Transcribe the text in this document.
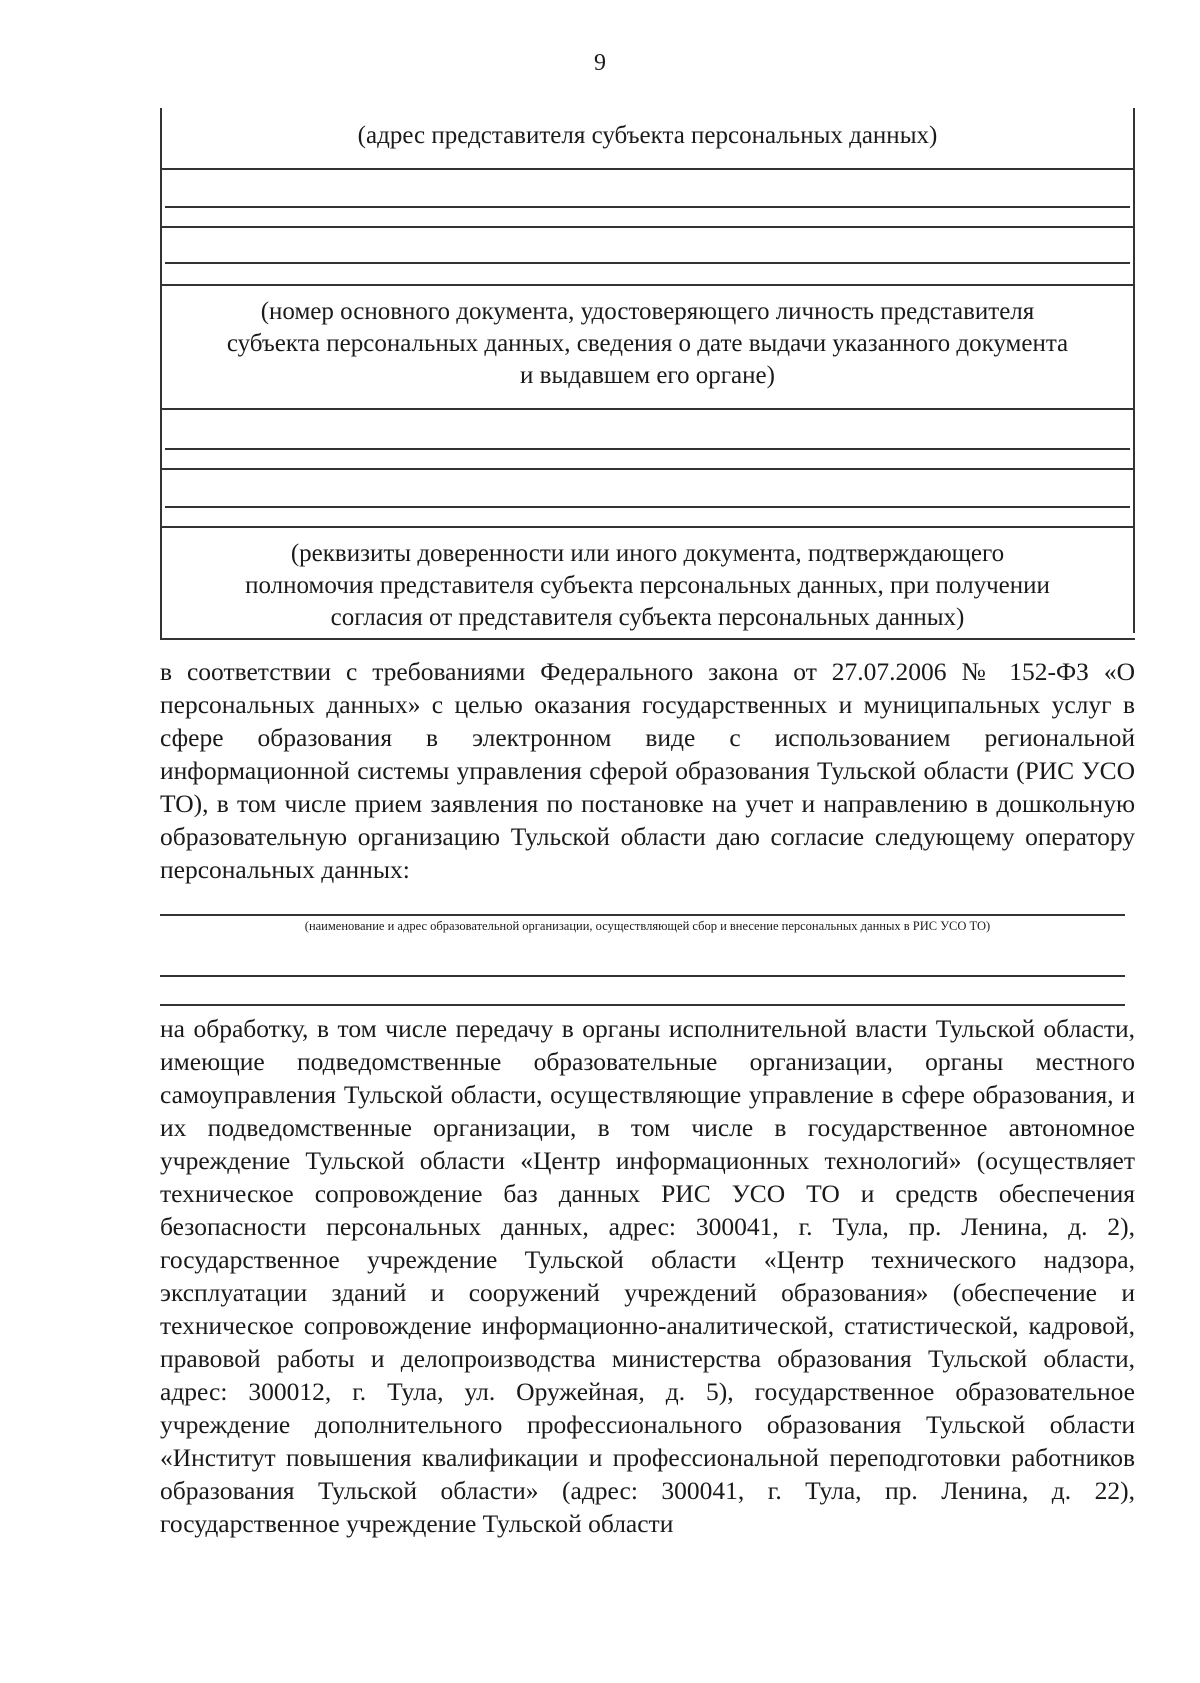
9
(адрес представителя субъекта персональных данных)
(номер основного документа, удостоверяющего личность представителя
субъекта персональных данных, сведения о дате выдачи указанного документа
и выдавшем его органе)
(реквизиты доверенности или иного документа, подтверждающего
полномочия представителя субъекта персональных данных, при получении
согласия от представителя субъекта персональных данных)

в соответствии с требованиями Федерального закона от 27.07.2006 № 152-ФЗ «О персональных данных» с целью оказания государственных и муниципальных услуг в сфере образования в электронном виде с использованием региональной информационной системы управления сферой образования Тульской области (РИС УСО ТО), в том числе прием заявления по постановке на учет и направлению в дошкольную образовательную организацию Тульской области даю согласие следующему оператору персональных данных:

(наименование и адрес образовательной организации, осуществляющей сбор и внесение персональных данных в РИС УСО ТО)

на обработку, в том числе передачу в органы исполнительной власти Тульской области, имеющие подведомственные образовательные организации, органы местного самоуправления Тульской области, осуществляющие управление в сфере образования, и их подведомственные организации, в том числе в государственное автономное учреждение Тульской области «Центр информационных технологий» (осуществляет техническое сопровождение баз данных РИС УСО ТО и средств обеспечения безопасности персональных данных, адрес: 300041, г. Тула, пр. Ленина, д. 2), государственное учреждение Тульской области «Центр технического надзора, эксплуатации зданий и сооружений учреждений образования» (обеспечение и техническое сопровождение информационно-аналитической, статистической, кадровой, правовой работы и делопроизводства министерства образования Тульской области, адрес: 300012, г. Тула, ул. Оружейная, д. 5), государственное образовательное учреждение дополнительного профессионального образования Тульской области «Институт повышения квалификации и профессиональной переподготовки работников образования Тульской области» (адрес: 300041, г. Тула, пр. Ленина, д. 22), государственное учреждение Тульской области
